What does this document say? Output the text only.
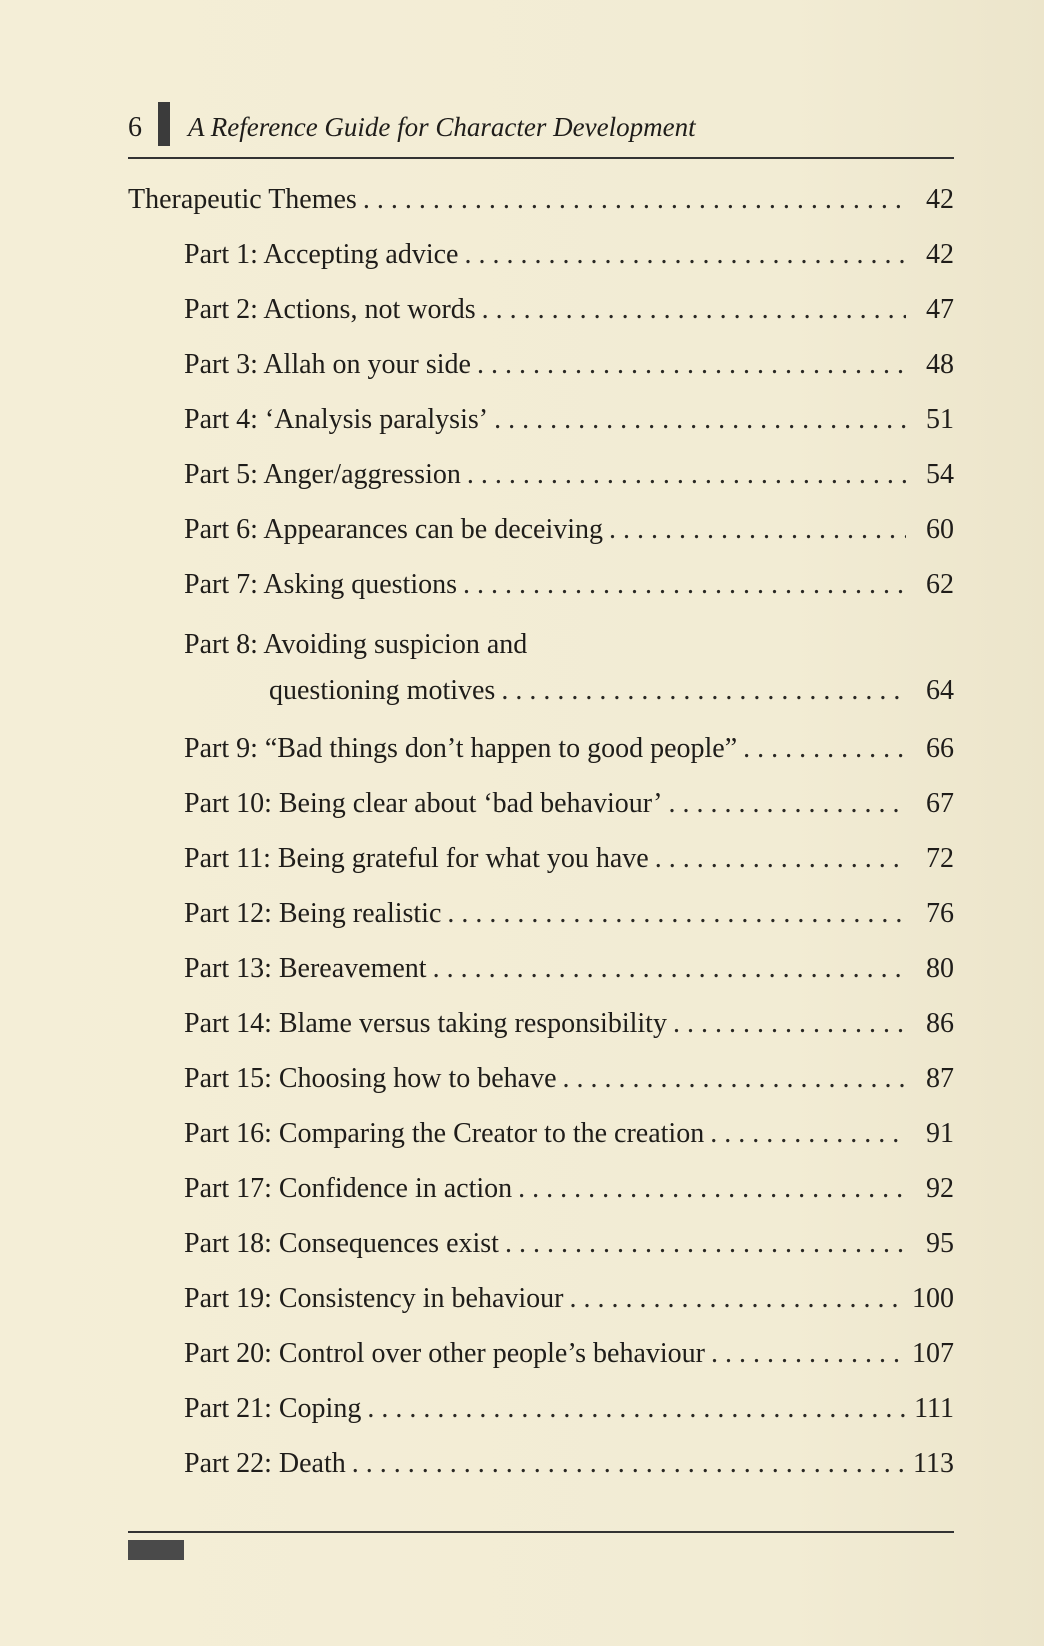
6 A Reference Guide for Character Development
Therapeutic Themes . . .	42
Part 1: Accepting advice . . .	42
Part 2: Actions, not words . . .	47
Part 3: Allah on your side . . .	48
Part 4: ‘Analysis paralysis’ . . .	51
Part 5: Anger/aggression . . .	54
Part 6: Appearances can be deceiving . . .	60
Part 7: Asking questions . . .	62
Part 8: Avoiding suspicion and
questioning motives . . .	64
Part 9: “Bad things don’t happen to good people” . . .	66
Part 10: Being clear about ‘bad behaviour’ . . .	67
Part 11: Being grateful for what you have . . .	72
Part 12: Being realistic . . .	76
Part 13: Bereavement . . .	80
Part 14: Blame versus taking responsibility . . .	86
Part 15: Choosing how to behave . . .	87
Part 16: Comparing the Creator to the creation . . .	91
Part 17: Confidence in action . . .	92
Part 18: Consequences exist . . .	95
Part 19: Consistency in behaviour . . .	100
Part 20: Control over other people’s behaviour . . .	107
Part 21: Coping . . .	111
Part 22: Death . . .	113
